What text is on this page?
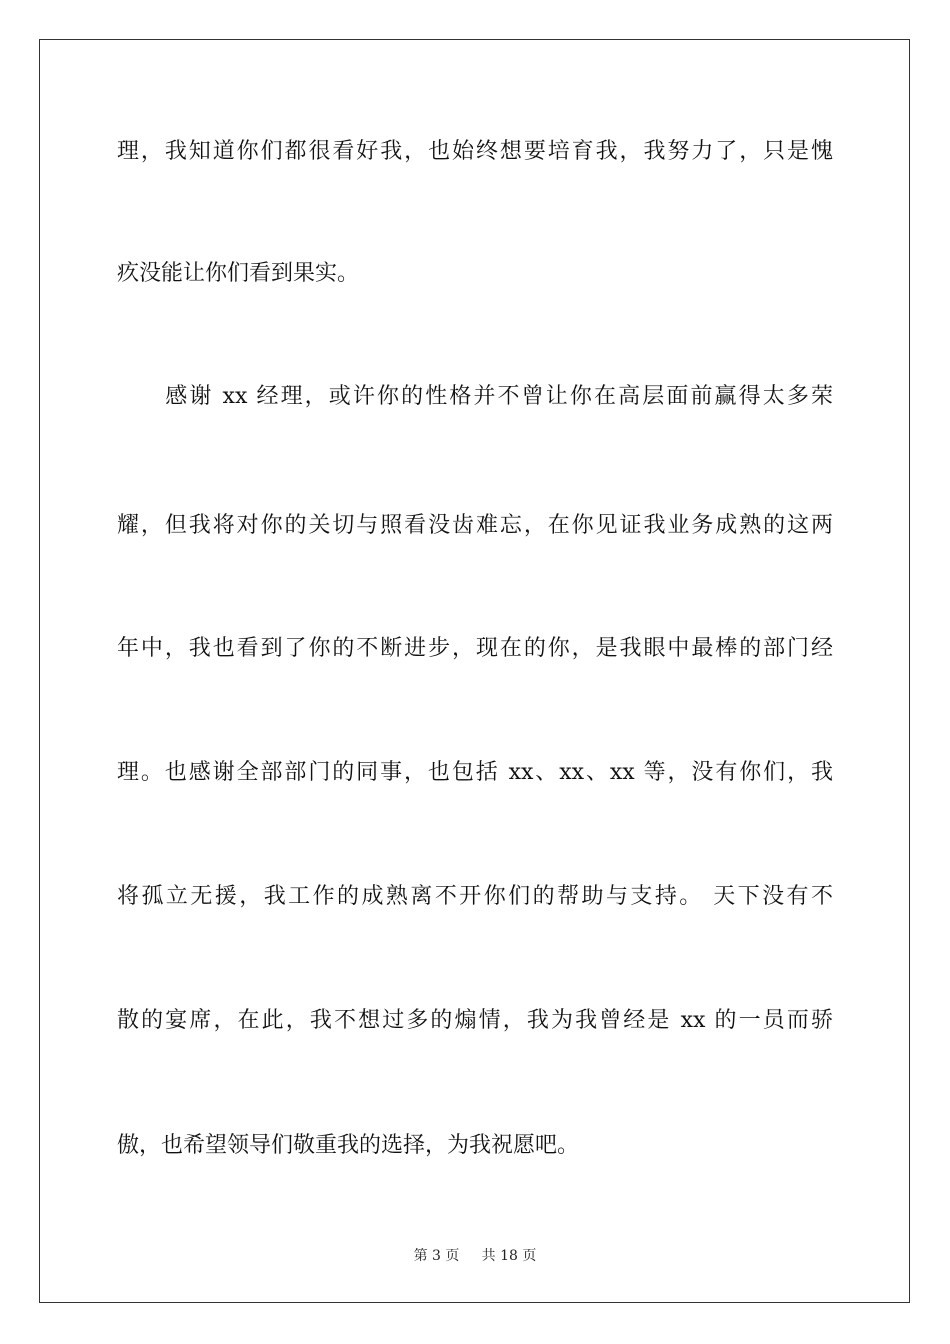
理，我知道你们都很看好我，也始终想要培育我，我努力了，只是愧
疚没能让你们看到果实。
　　感谢 xx 经理，或许你的性格并不曾让你在高层面前赢得太多荣
耀，但我将对你的关切与照看没齿难忘，在你见证我业务成熟的这两
年中，我也看到了你的不断进步，现在的你，是我眼中最棒的部门经
理。也感谢全部部门的同事，也包括 xx、xx、xx 等，没有你们，我
将孤立无援，我工作的成熟离不开你们的帮助与支持。 天下没有不
散的宴席，在此，我不想过多的煽情，我为我曾经是 xx 的一员而骄
傲，也希望领导们敬重我的选择，为我祝愿吧。
第 3 页 共 18 页
